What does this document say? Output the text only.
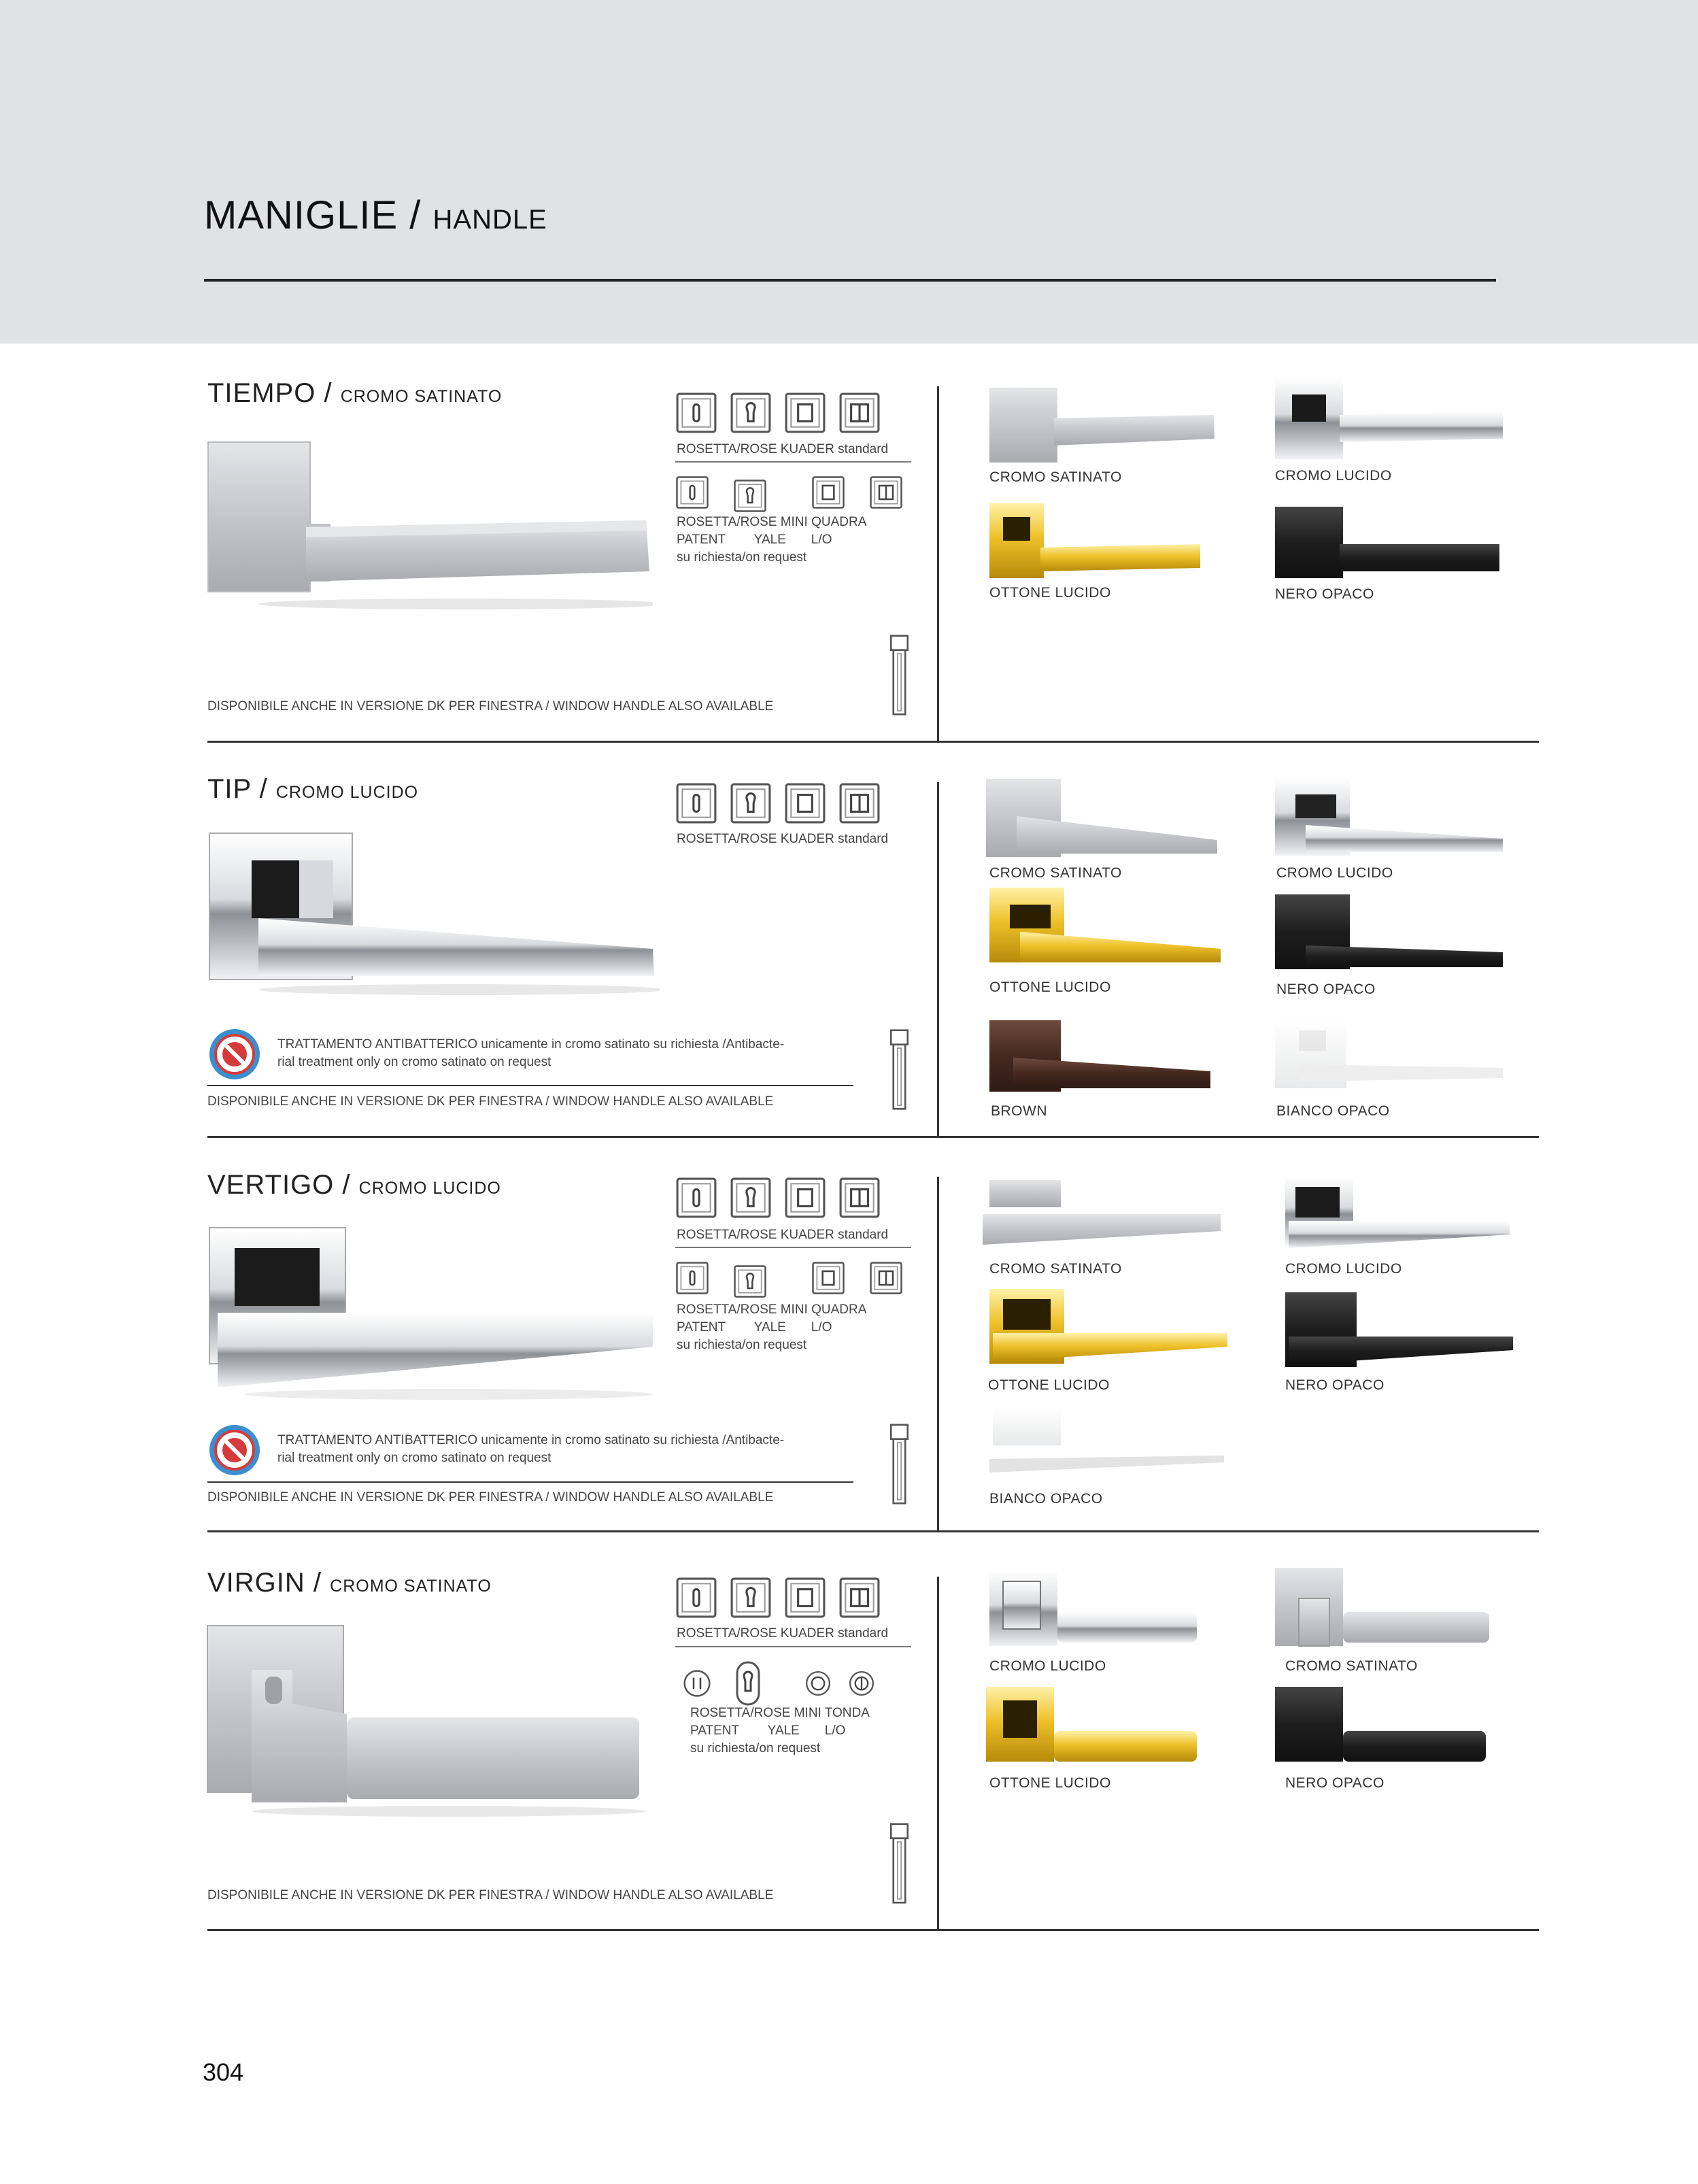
MANIGLIE / HANDLE
TIEMPO / CROMO SATINATO
ROSETTA/ROSE KUADER standard
ROSETTA/ROSE MINI QUADRA
PATENT        YALE       L/O
su richiesta/on request
DISPONIBILE ANCHE IN VERSIONE DK PER FINESTRA / WINDOW HANDLE ALSO AVAILABLE
CROMO SATINATO	CROMO LUCIDO
OTTONE LUCIDO	NERO OPACO
TIP / CROMO LUCIDO
ROSETTA/ROSE KUADER standard
TRATTAMENTO ANTIBATTERICO unicamente in cromo satinato su richiesta /Antibacte-
rial treatment only on cromo satinato on request
DISPONIBILE ANCHE IN VERSIONE DK PER FINESTRA / WINDOW HANDLE ALSO AVAILABLE
CROMO SATINATO	CROMO LUCIDO
OTTONE LUCIDO	NERO OPACO
BROWN	BIANCO OPACO
VERTIGO / CROMO LUCIDO
ROSETTA/ROSE KUADER standard
ROSETTA/ROSE MINI QUADRA
PATENT        YALE       L/O
su richiesta/on request
TRATTAMENTO ANTIBATTERICO unicamente in cromo satinato su richiesta /Antibacte-
rial treatment only on cromo satinato on request
DISPONIBILE ANCHE IN VERSIONE DK PER FINESTRA / WINDOW HANDLE ALSO AVAILABLE
CROMO SATINATO	CROMO LUCIDO
OTTONE LUCIDO	NERO OPACO
BIANCO OPACO
VIRGIN / CROMO SATINATO
ROSETTA/ROSE KUADER standard
ROSETTA/ROSE MINI TONDA
PATENT        YALE       L/O
su richiesta/on request
DISPONIBILE ANCHE IN VERSIONE DK PER FINESTRA / WINDOW HANDLE ALSO AVAILABLE
CROMO LUCIDO	CROMO SATINATO
OTTONE LUCIDO	NERO OPACO
304
